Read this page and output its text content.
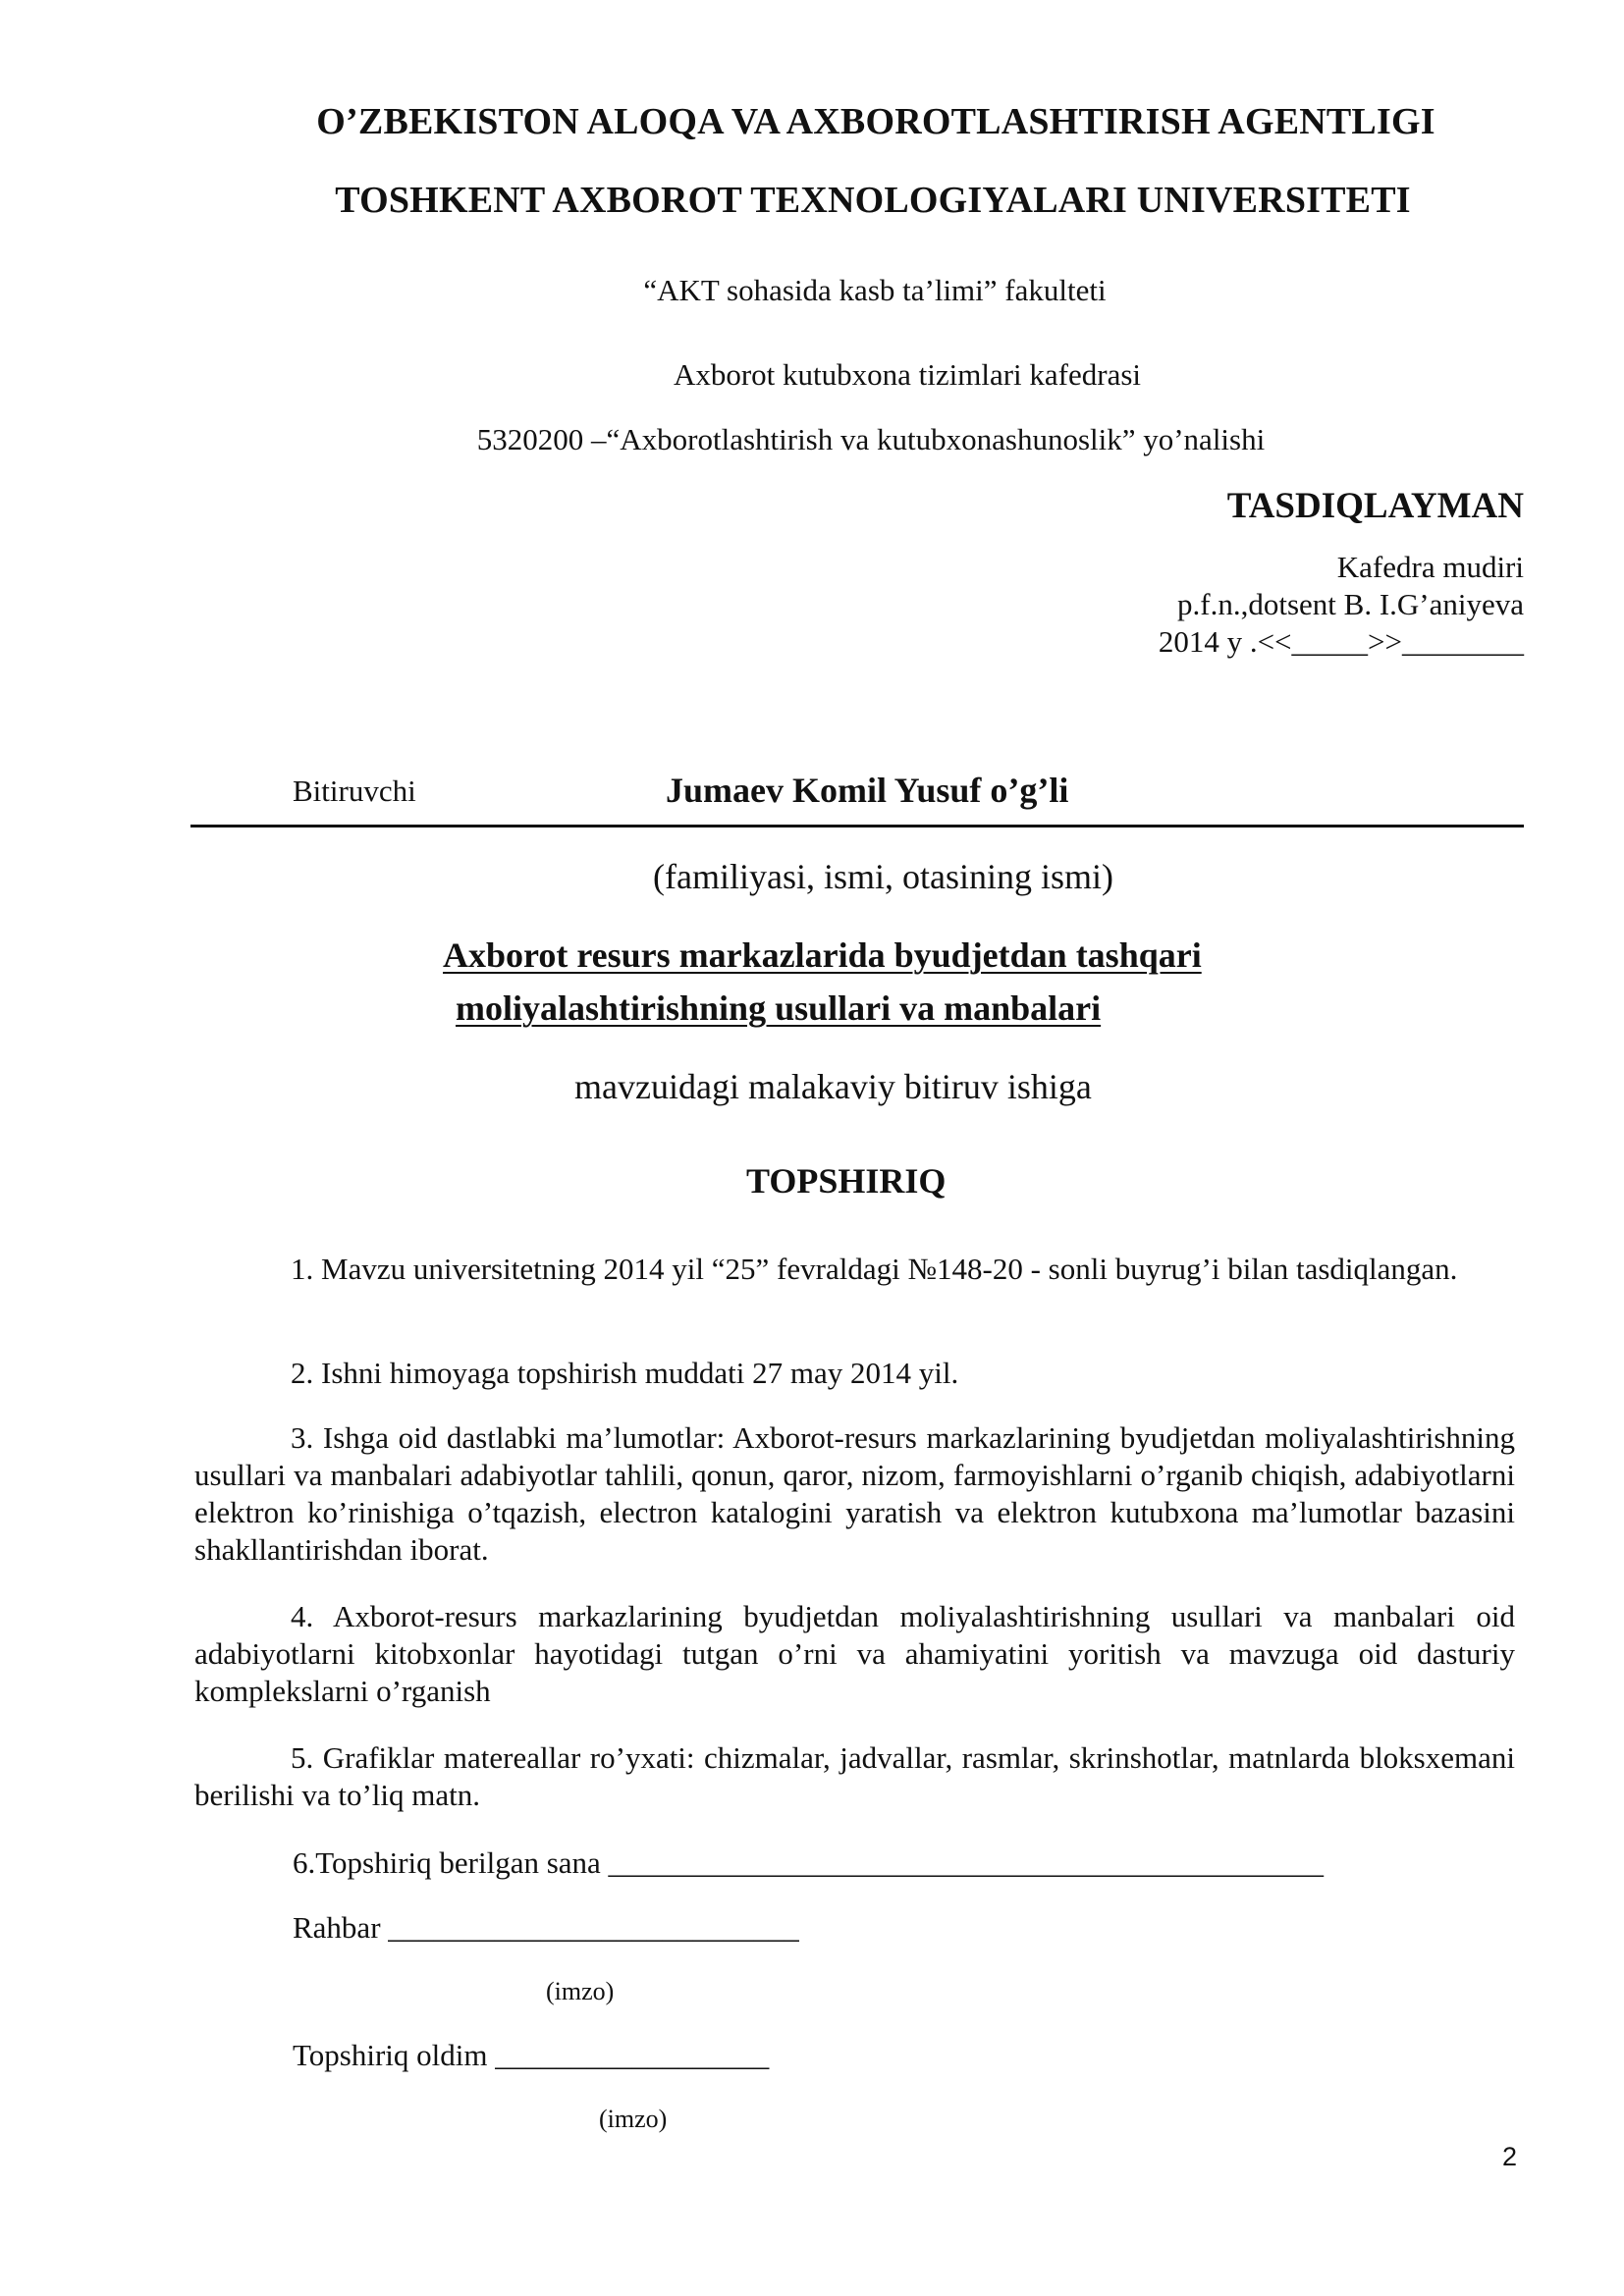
O’ZBEKISTON ALOQA VA AXBOROTLASHTIRISH AGENTLIGI
TOSHKENT AXBOROT TEXNOLOGIYALARI UNIVERSITETI
“AKT sohasida kasb ta’limi” fakulteti
Axborot kutubxona tizimlari kafedrasi
5320200 –“Axborotlashtirish va kutubxonashunoslik” yo’nalishi
TASDIQLAYMAN
Kafedra mudiri
p.f.n.,dotsent B. I.G’aniyeva
2014 y .<<_____>>________
Bitiruvchi	Jumaev Komil Yusuf o’g’li
(familiyasi, ismi, otasining ismi)
Axborot resurs markazlarida byudjetdan tashqari
moliyalashtirishning usullari va manbalari
mavzuidagi malakaviy bitiruv ishiga
TOPSHIRIQ

1. Mavzu universitetning 2014 yil “25” fevraldagi №148-20 - sonli buyrug’i bilan tasdiqlangan.

2. Ishni himoyaga topshirish muddati 27 may 2014 yil.

3. Ishga oid dastlabki ma’lumotlar: Axborot-resurs markazlarining byudjetdan moliyalashtirishning usullari va manbalari adabiyotlar tahlili, qonun, qaror, nizom, farmoyishlarni o’rganib chiqish, adabiyotlarni elektron ko’rinishiga o’tqazish, electron katalogini yaratish va elektron kutubxona ma’lumotlar bazasini shakllantirishdan iborat.

4. Axborot-resurs markazlarining byudjetdan moliyalashtirishning usullari va manbalari oid adabiyotlarni kitobxonlar hayotidagi tutgan o’rni va ahamiyatini yoritish va mavzuga oid dasturiy komplekslarni o’rganish

5. Grafiklar matereallar ro’yxati: chizmalar, jadvallar, rasmlar, skrinshotlar, matnlarda bloksxemani berilishi va to’liq matn.

6.Topshiriq berilgan sana _______________________________________________
Rahbar ___________________________
(imzo)
Topshiriq oldim __________________
(imzo)
2
